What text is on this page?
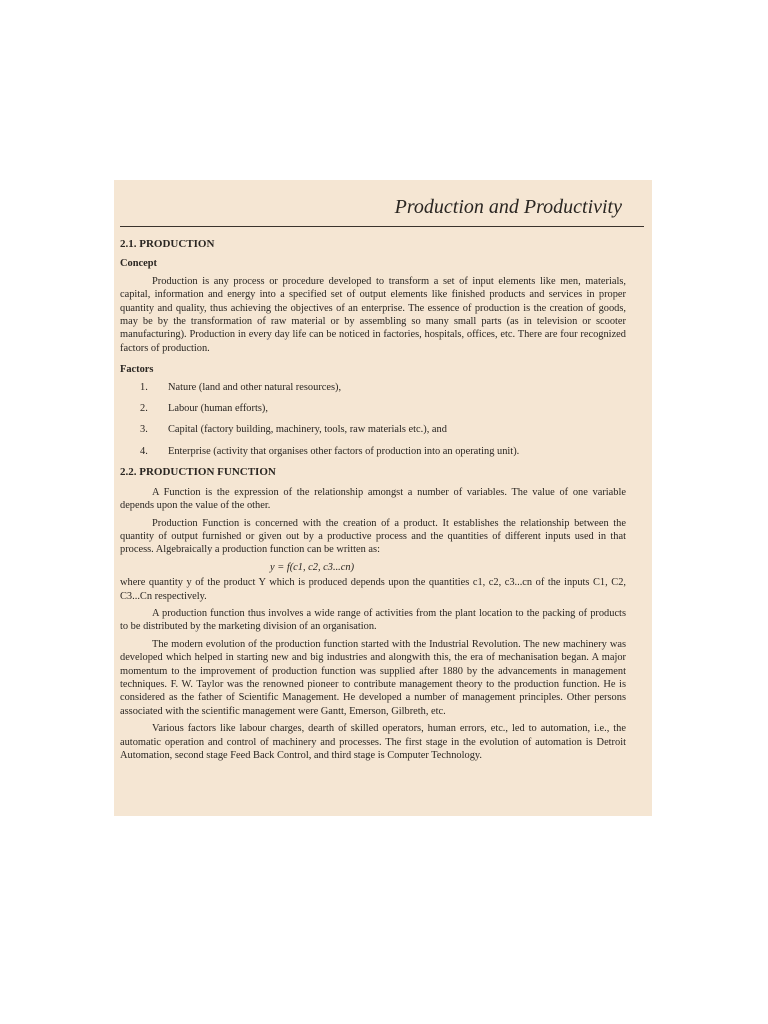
Production and Productivity
2.1. PRODUCTION
Concept

Production is any process or procedure developed to transform a set of input elements like men, materials, capital, information and energy into a specified set of output elements like finished products and services in proper quantity and quality, thus achieving the objectives of an enterprise. The essence of production is the creation of goods, may be by the transformation of raw material or by assembling so many small parts (as in television or scooter manufacturing). Production in every day life can be noticed in factories, hospitals, offices, etc. There are four recognized factors of production.

Factors
1.	Nature (land and other natural resources),
2.	Labour (human efforts),
3.	Capital (factory building, machinery, tools, raw materials etc.), and
4.	Enterprise (activity that organises other factors of production into an operating unit).
2.2. PRODUCTION FUNCTION

A Function is the expression of the relationship amongst a number of variables. The value of one variable depends upon the value of the other.

Production Function is concerned with the creation of a product. It establishes the relationship between the quantity of output furnished or given out by a productive process and the quantities of different inputs used in that process. Algebraically a production function can be written as:

y = f(c1, c2, c3...cn)

where quantity y of the product Y which is produced depends upon the quantities c1, c2, c3...cn of the inputs C1, C2, C3...Cn respectively.

A production function thus involves a wide range of activities from the plant location to the packing of products to be distributed by the marketing division of an organisation.

The modern evolution of the production function started with the Industrial Revolution. The new machinery was developed which helped in starting new and big industries and alongwith this, the era of mechanisation began. A major momentum to the improvement of production function was supplied after 1880 by the advancements in management techniques. F. W. Taylor was the renowned pioneer to contribute management theory to the production function. He is considered as the father of Scientific Management. He developed a number of management principles. Other persons associated with the scientific management were Gantt, Emerson, Gilbreth, etc.

Various factors like labour charges, dearth of skilled operators, human errors, etc., led to automation, i.e., the automatic operation and control of machinery and processes. The first stage in the evolution of automation is Detroit Automation, second stage Feed Back Control, and third stage is Computer Technology.
